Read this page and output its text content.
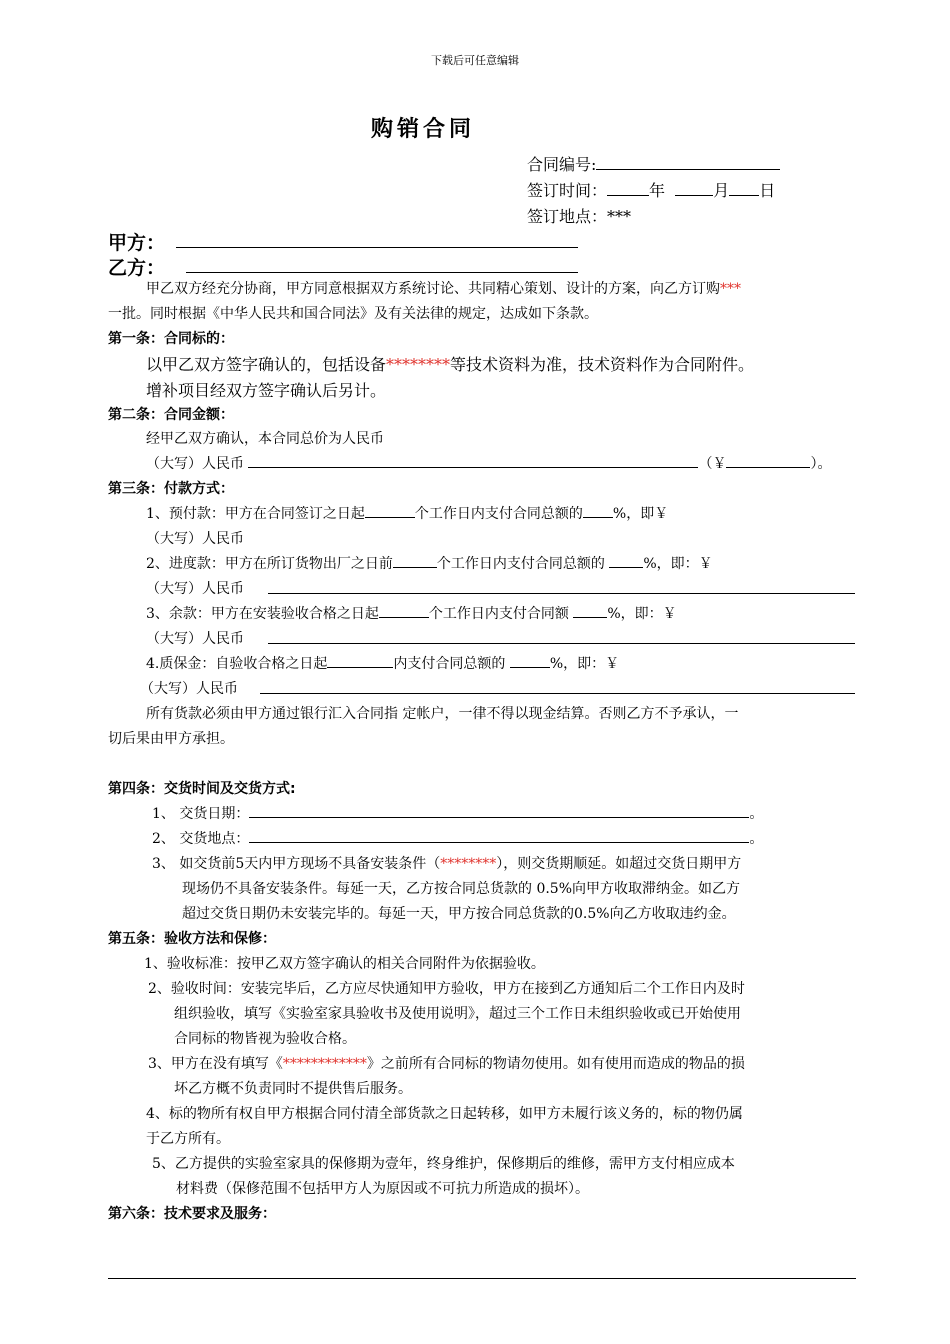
下载后可任意编辑
购销合同
合同编号:
签订时间：	年	月 日
签订地点：***
甲方：
乙方：
甲乙双方经充分协商，甲方同意根据双方系统讨论、共同精心策划、设计的方案，向乙方订购***
一批。同时根据《中华人民共和国合同法》及有关法律的规定，达成如下条款。
第一条：合同标的：
以甲乙双方签字确认的，包括设备********等技术资料为准，技术资料作为合同附件。
增补项目经双方签字确认后另计。
第二条：合同金额：
经甲乙双方确认，本合同总价为人民币
（大写）人民币	（￥	）。
第三条：付款方式：
1、预付款：甲方在合同签订之日起	个工作日内支付合同总额的 %，即￥
（大写）人民币
2、进度款：甲方在所订货物出厂之日前	个工作日内支付合同总额的	%，即：￥
（大写）人民币
3、余款：甲方在安装验收合格之日起	个工作日内支付合同额	%，即：￥
（大写）人民币
4.质保金：自验收合格之日起	内支付合同总额的	%，即：￥
（大写）人民币
所有货款必须由甲方通过银行汇入合同指 定帐户，一律不得以现金结算。否则乙方不予承认，一
切后果由甲方承担。
第四条：交货时间及交货方式:
1、 交货日期：	。
2、 交货地点：	。
3、 如交货前5天内甲方现场不具备安装条件（********），则交货期顺延。如超过交货日期甲方
现场仍不具备安装条件。每延一天，乙方按合同总货款的 0.5%向甲方收取滞纳金。如乙方
超过交货日期仍未安装完毕的。每延一天，甲方按合同总货款的0.5%向乙方收取违约金。
第五条：验收方法和保修：
1、验收标准：按甲乙双方签字确认的相关合同附件为依据验收。
2、验收时间：安装完毕后，乙方应尽快通知甲方验收，甲方在接到乙方通知后二个工作日内及时
组织验收，填写《实验室家具验收书及使用说明》，超过三个工作日未组织验收或已开始使用
合同标的物皆视为验收合格。
3、甲方在没有填写《************》之前所有合同标的物请勿使用。如有使用而造成的物品的损
坏乙方概不负责同时不提供售后服务。
4、标的物所有权自甲方根据合同付清全部货款之日起转移，如甲方未履行该义务的，标的物仍属
于乙方所有。
5、乙方提供的实验室家具的保修期为壹年，终身维护，保修期后的维修，需甲方支付相应成本
材料费（保修范围不包括甲方人为原因或不可抗力所造成的损坏）。
第六条：技术要求及服务：
